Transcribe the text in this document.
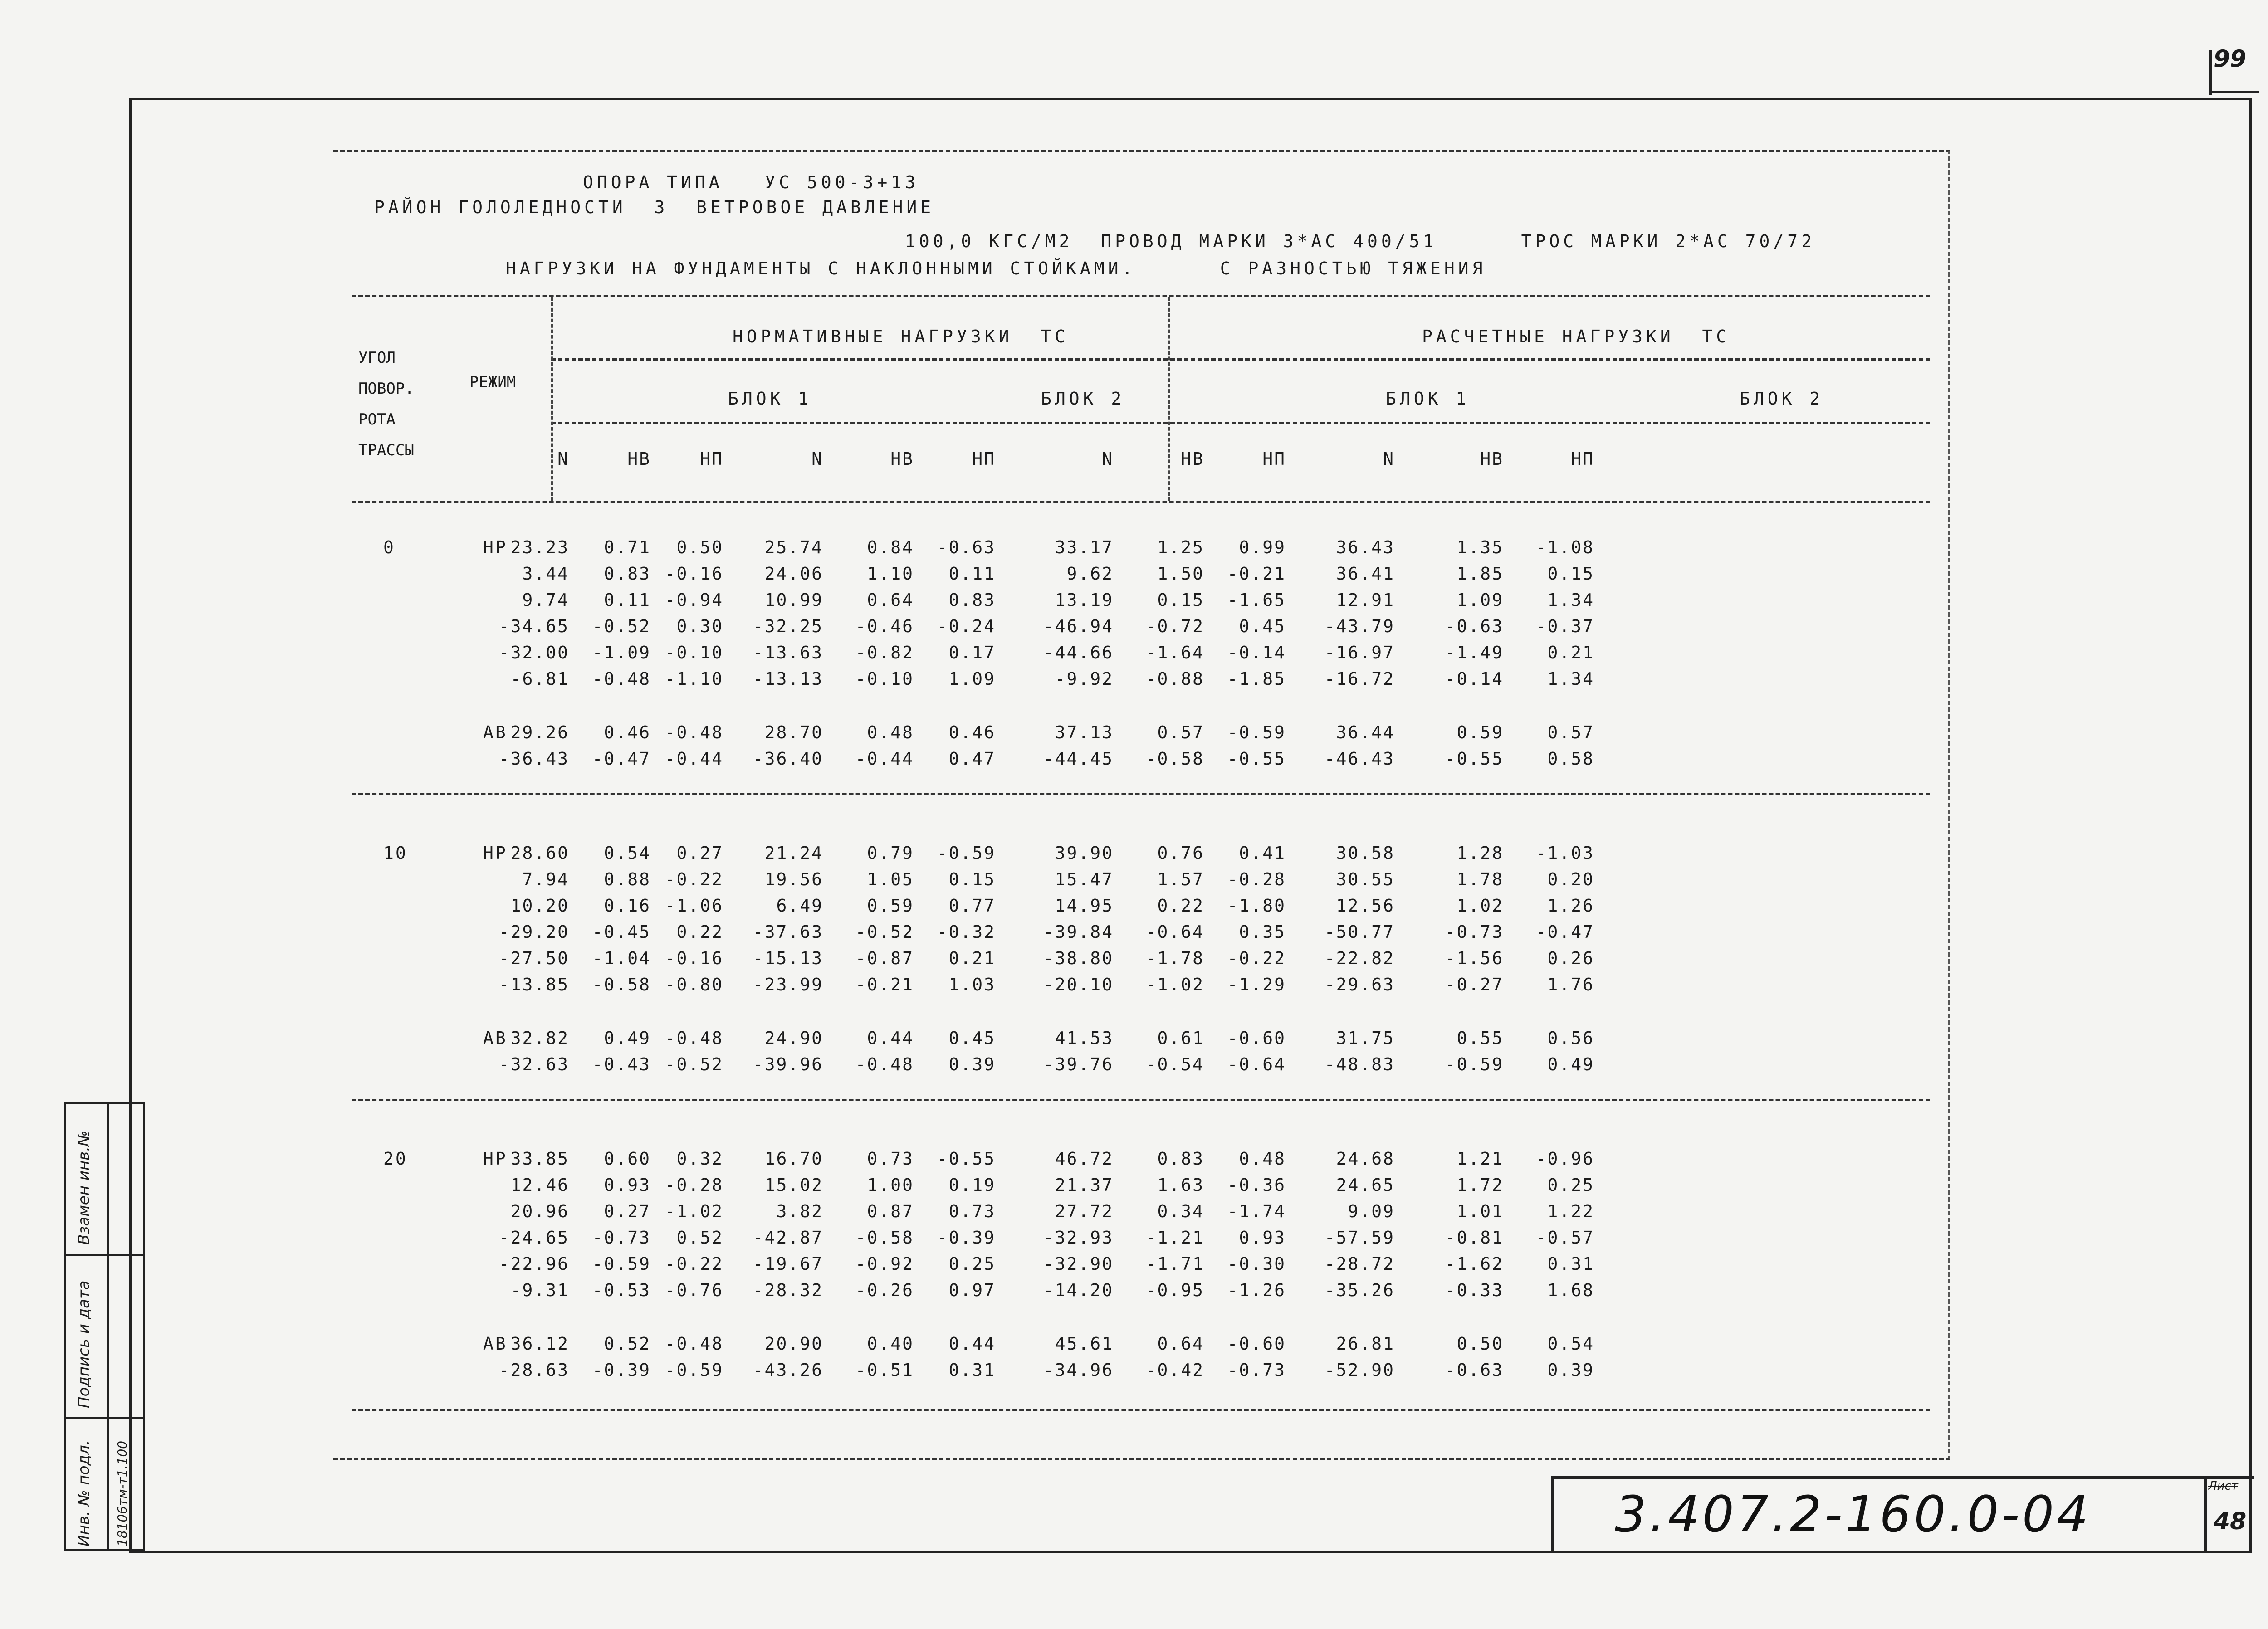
99
ОПОРА ТИПА   УС 500-3+13
РАЙОН ГОЛОЛЕДНОСТИ  3  ВЕТРОВОЕ ДАВЛЕНИЕ
100,0 КГС/М2  ПРОВОД МАРКИ 3*АС 400/51      ТРОС МАРКИ 2*АС 70/72
НАГРУЗКИ НА ФУНДАМЕНТЫ С НАКЛОННЫМИ СТОЙКАМИ.      С РАЗНОСТЬЮ ТЯЖЕНИЯ
УГОЛ
ПОВОР.
РОТА
ТРАССЫ
РЕЖИМ
НОРМАТИВНЫЕ НАГРУЗКИ  ТС	РАСЧЕТНЫЕ НАГРУЗКИ  ТС
БЛОК 1	БЛОК 2	БЛОК 1	БЛОК 2
N	НВ	НП	N	НВ	НП	N	НВ	НП	N	НВ	НП
0	НР 23.23	0.71	0.50	25.74	0.84	-0.63	33.17	1.25	0.99	36.43	1.35	-1.08
3.44	0.83 -0.16	24.06	1.10	0.11	9.62	1.50	-0.21	36.41	1.85	0.15
9.74	0.11 -0.94	10.99	0.64	0.83	13.19	0.15	-1.65	12.91	1.09	1.34
-34.65	-0.52	0.30	-32.25	-0.46	-0.24	-46.94	-0.72	0.45	-43.79	-0.63	-0.37
-32.00	-1.09 -0.10	-13.63	-0.82	0.17	-44.66	-1.64	-0.14	-16.97	-1.49	0.21
-6.81	-0.48 -1.10	-13.13	-0.10	1.09	-9.92	-0.88	-1.85	-16.72	-0.14	1.34
АВ 29.26	0.46 -0.48	28.70	0.48	0.46	37.13	0.57	-0.59	36.44	0.59	0.57
-36.43	-0.47 -0.44	-36.40	-0.44	0.47	-44.45	-0.58	-0.55	-46.43	-0.55	0.58
10	НР 28.60	0.54	0.27	21.24	0.79	-0.59	39.90	0.76	0.41	30.58	1.28	-1.03
7.94	0.88 -0.22	19.56	1.05	0.15	15.47	1.57	-0.28	30.55	1.78	0.20
10.20	0.16 -1.06	6.49	0.59	0.77	14.95	0.22	-1.80	12.56	1.02	1.26
-29.20	-0.45	0.22	-37.63	-0.52	-0.32	-39.84	-0.64	0.35	-50.77	-0.73	-0.47
-27.50	-1.04 -0.16	-15.13	-0.87	0.21	-38.80	-1.78	-0.22	-22.82	-1.56	0.26
-13.85	-0.58 -0.80	-23.99	-0.21	1.03	-20.10	-1.02	-1.29	-29.63	-0.27	1.76
АВ 32.82	0.49 -0.48	24.90	0.44	0.45	41.53	0.61	-0.60	31.75	0.55	0.56
-32.63	-0.43 -0.52	-39.96	-0.48	0.39	-39.76	-0.54	-0.64	-48.83	-0.59	0.49
20	НР 33.85	0.60	0.32	16.70	0.73	-0.55	46.72	0.83	0.48	24.68	1.21	-0.96
12.46	0.93 -0.28	15.02	1.00	0.19	21.37	1.63	-0.36	24.65	1.72	0.25
20.96	0.27 -1.02	3.82	0.87	0.73	27.72	0.34	-1.74	9.09	1.01	1.22
-24.65	-0.73	0.52	-42.87	-0.58	-0.39	-32.93	-1.21	0.93	-57.59	-0.81	-0.57
-22.96	-0.59 -0.22	-19.67	-0.92	0.25	-32.90	-1.71	-0.30	-28.72	-1.62	0.31
-9.31	-0.53 -0.76	-28.32	-0.26	0.97	-14.20	-0.95	-1.26	-35.26	-0.33	1.68
АВ 36.12	0.52 -0.48	20.90	0.40	0.44	45.61	0.64	-0.60	26.81	0.50	0.54
-28.63	-0.39 -0.59	-43.26	-0.51	0.31	-34.96	-0.42	-0.73	-52.90	-0.63	0.39
3.407.2-160.0-04	Лист
48
Взамен инв.№
Подпись и дата
Инв. № подл. 18106тм-т1.100
